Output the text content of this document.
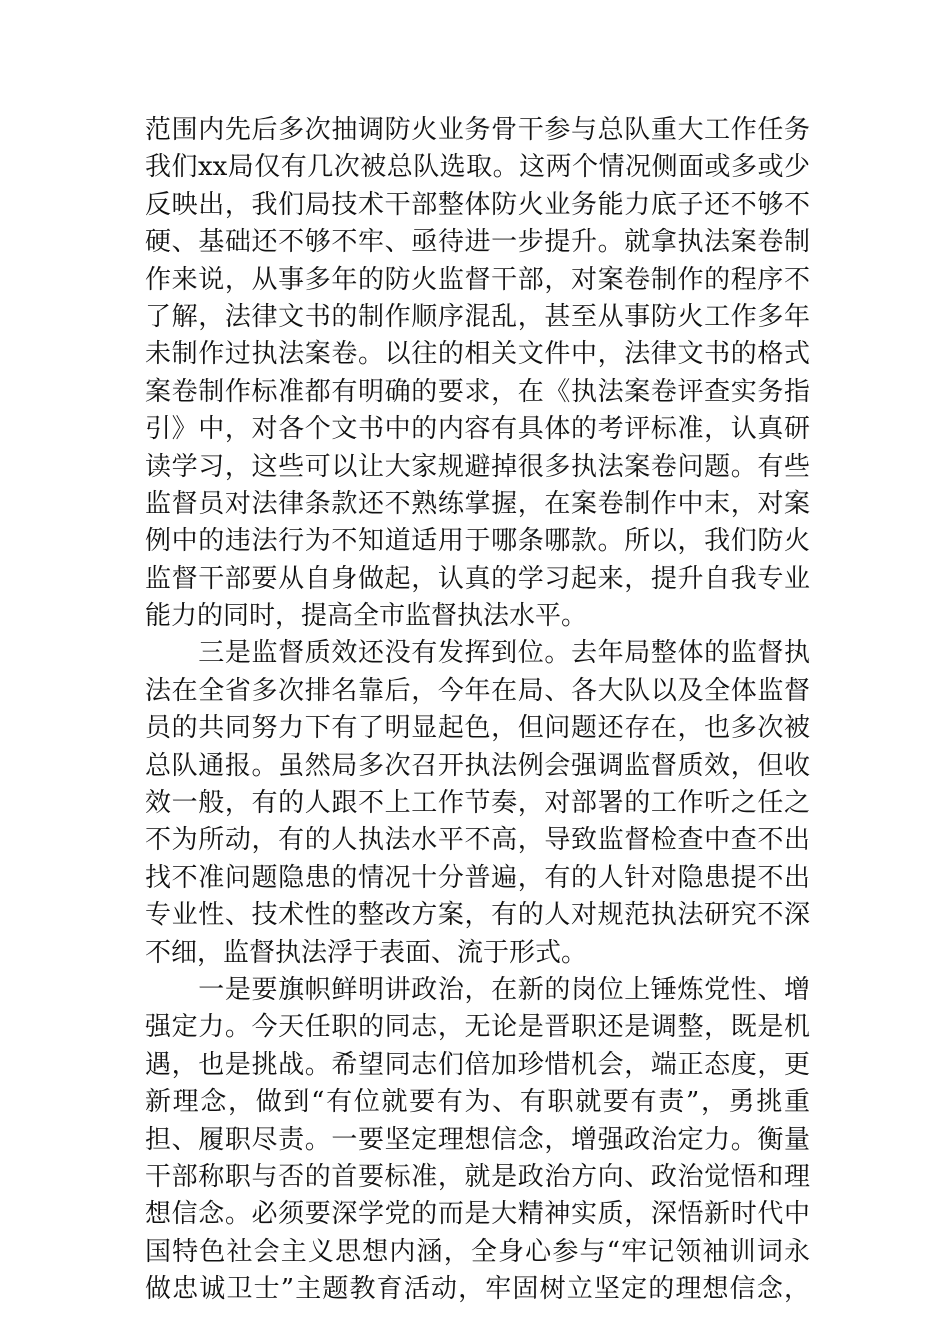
范围内先后多次抽调防火业务骨干参与总队重大工作任务
我们xx局仅有几次被总队选取。这两个情况侧面或多或少
反映出，我们局技术干部整体防火业务能力底子还不够不
硬、基础还不够不牢、亟待进一步提升。就拿执法案卷制
作来说，从事多年的防火监督干部，对案卷制作的程序不
了解，法律文书的制作顺序混乱，甚至从事防火工作多年
未制作过执法案卷。以往的相关文件中，法律文书的格式
案卷制作标准都有明确的要求，在《执法案卷评查实务指
引》中，对各个文书中的内容有具体的考评标准，认真研
读学习，这些可以让大家规避掉很多执法案卷问题。有些
监督员对法律条款还不熟练掌握，在案卷制作中末，对案
例中的违法行为不知道适用于哪条哪款。所以，我们防火
监督干部要从自身做起，认真的学习起来，提升自我专业
能力的同时，提高全市监督执法水平。
　　三是监督质效还没有发挥到位。去年局整体的监督执
法在全省多次排名靠后，今年在局、各大队以及全体监督
员的共同努力下有了明显起色，但问题还存在，也多次被
总队通报。虽然局多次召开执法例会强调监督质效，但收
效一般，有的人跟不上工作节奏，对部署的工作听之任之
不为所动，有的人执法水平不高，导致监督检查中查不出
找不准问题隐患的情况十分普遍，有的人针对隐患提不出
专业性、技术性的整改方案，有的人对规范执法研究不深
不细，监督执法浮于表面、流于形式。
　　一是要旗帜鲜明讲政治，在新的岗位上锤炼党性、增
强定力。今天任职的同志，无论是晋职还是调整，既是机
遇，也是挑战。希望同志们倍加珍惜机会，端正态度，更
新理念，做到“有位就要有为、有职就要有责”，勇挑重
担、履职尽责。一要坚定理想信念，增强政治定力。衡量
干部称职与否的首要标准，就是政治方向、政治觉悟和理
想信念。必须要深学党的而是大精神实质，深悟新时代中
国特色社会主义思想内涵，全身心参与“牢记领袖训词永
做忠诚卫士”主题教育活动，牢固树立坚定的理想信念，
